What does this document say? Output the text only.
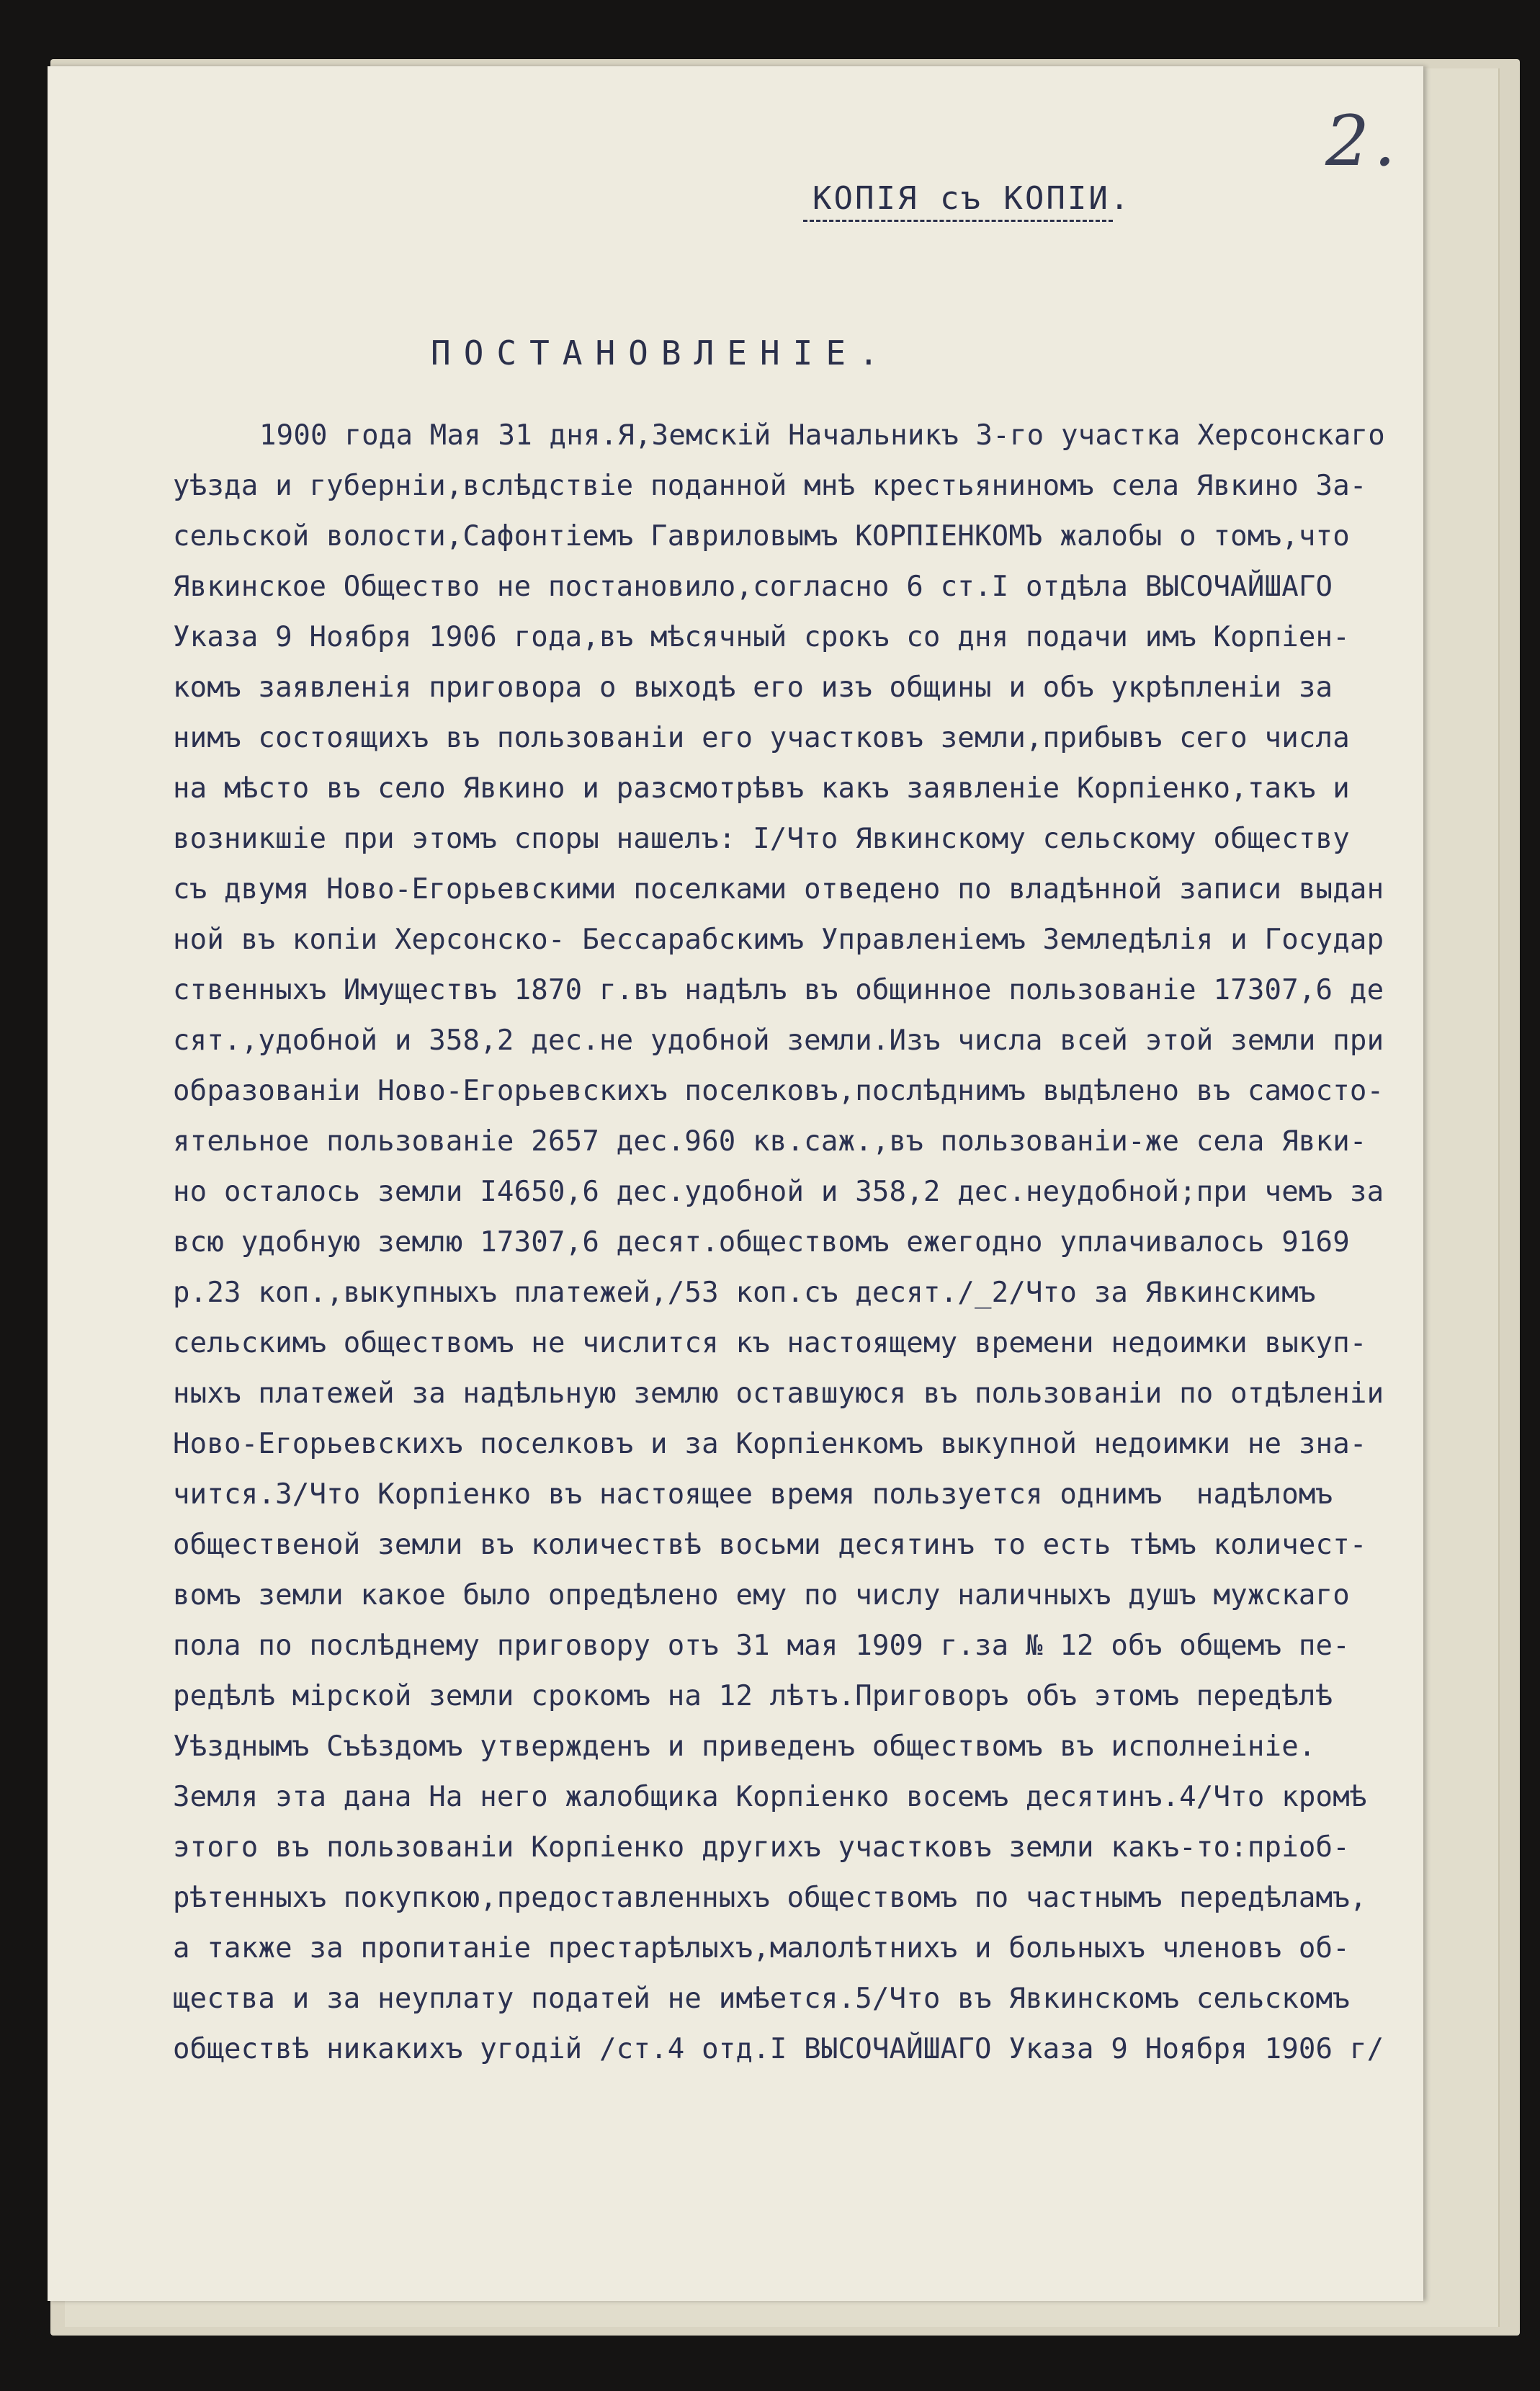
2.
КОПІЯ съ КОПІИ.
ПОСТАНОВЛЕНІЕ.
1900 года Мая 31 дня.Я,Земскій Начальникъ 3-го участка Херсонскаго
уѣзда и губерніи,вслѣдствіе поданной мнѣ крестьяниномъ села Явкино За-
сельской волости,Сафонтіемъ Гавриловымъ КОРПІЕНКОМЪ жалобы о томъ,что
Явкинское Общество не постановило,согласно 6 ст.I отдѣла ВЫСОЧАЙШАГО
Указа 9 Ноября 1906 года,въ мѣсячный срокъ со дня подачи имъ Корпіен-
комъ заявленія приговора о выходѣ его изъ общины и объ укрѣпленіи за
нимъ состоящихъ въ пользованіи его участковъ земли,прибывъ сего числа
на мѣсто въ село Явкино и разсмотрѣвъ какъ заявленіе Корпіенко,такъ и
возникшіе при этомъ споры нашелъ: I/Что Явкинскому сельскому обществу
съ двумя Ново-Егорьевскими поселками отведено по владѣнной записи выдан
ной въ копіи Херсонско- Бессарабскимъ Управленіемъ Земледѣлія и Государ
ственныхъ Имуществъ 1870 г.въ надѣлъ въ общинное пользованіе 17307,6 де
сят.,удобной и 358,2 дес.не удобной земли.Изъ числа всей этой земли при
образованіи Ново-Егорьевскихъ поселковъ,послѣднимъ выдѣлено въ самосто-
ятельное пользованіе 2657 дес.960 кв.саж.,въ пользованіи-же села Явки-
но осталось земли I4650,6 дес.удобной и 358,2 дес.неудобной;при чемъ за
всю удобную землю 17307,6 десят.обществомъ ежегодно уплачивалось 9169
р.23 коп.,выкупныхъ платежей,/53 коп.съ десят./_2/Что за Явкинскимъ
сельскимъ обществомъ не числится къ настоящему времени недоимки выкуп-
ныхъ платежей за надѣльную землю оставшуюся въ пользованіи по отдѣленіи
Ново-Егорьевскихъ поселковъ и за Корпіенкомъ выкупной недоимки не зна-
чится.3/Что Корпіенко въ настоящее время пользуется однимъ  надѣломъ
общественой земли въ количествѣ восьми десятинъ то есть тѣмъ количест-
вомъ земли какое было опредѣлено ему по числу наличныхъ душъ мужскаго
пола по послѣднему приговору отъ 31 мая 1909 г.за № 12 объ общемъ пе-
редѣлѣ мірской земли срокомъ на 12 лѣтъ.Приговоръ объ этомъ передѣлѣ
Уѣзднымъ Съѣздомъ утвержденъ и приведенъ обществомъ въ исполнеініе.
Земля эта дана На него жалобщика Корпіенко восемъ десятинъ.4/Что кромѣ
этого въ пользованіи Корпіенко другихъ участковъ земли какъ-то:пріоб-
рѣтенныхъ покупкою,предоставленныхъ обществомъ по частнымъ передѣламъ,
а также за пропитаніе престарѣлыхъ,малолѣтнихъ и больныхъ членовъ об-
щества и за неуплату податей не имѣется.5/Что въ Явкинскомъ сельскомъ
обществѣ никакихъ угодій /ст.4 отд.I ВЫСОЧАЙШАГО Указа 9 Ноября 1906 г/
